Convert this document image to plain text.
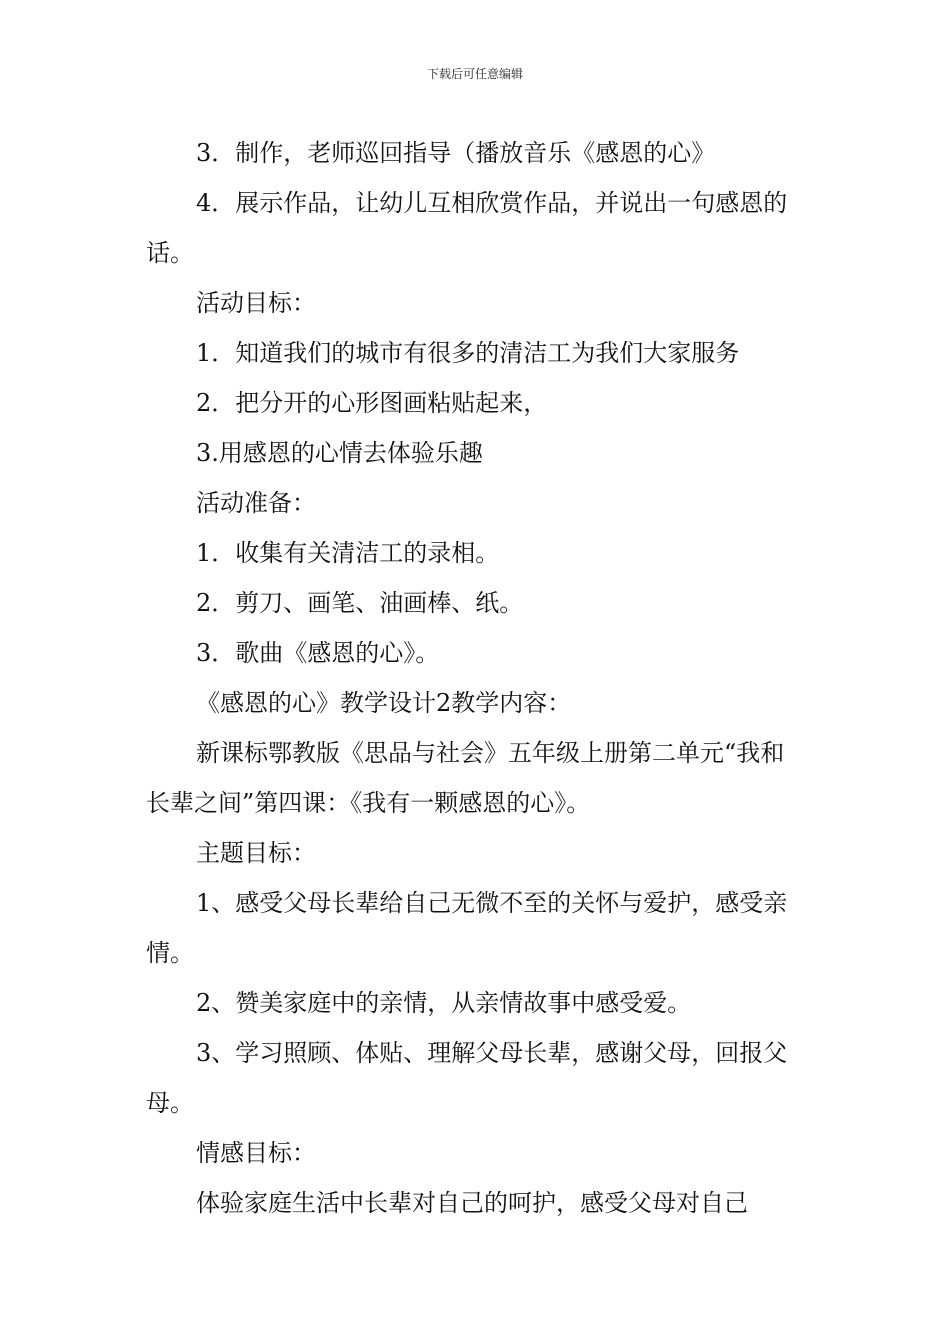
下载后可任意编辑

3．制作，老师巡回指导（播放音乐《感恩的心》

4．展示作品，让幼儿互相欣赏作品，并说出一句感恩的话。

活动目标：

1．知道我们的城市有很多的清洁工为我们大家服务

2．把分开的心形图画粘贴起来，

3.用感恩的心情去体验乐趣

活动准备：

1．收集有关清洁工的录相。

2．剪刀、画笔、油画棒、纸。

3．歌曲《感恩的心》。

《感恩的心》教学设计2教学内容：

新课标鄂教版《思品与社会》五年级上册第二单元“我和长辈之间”第四课：《我有一颗感恩的心》。

主题目标：

1、感受父母长辈给自己无微不至的关怀与爱护，感受亲情。

2、赞美家庭中的亲情，从亲情故事中感受爱。

3、学习照顾、体贴、理解父母长辈，感谢父母，回报父母。

情感目标：

体验家庭生活中长辈对自己的呵护，感受父母对自己
